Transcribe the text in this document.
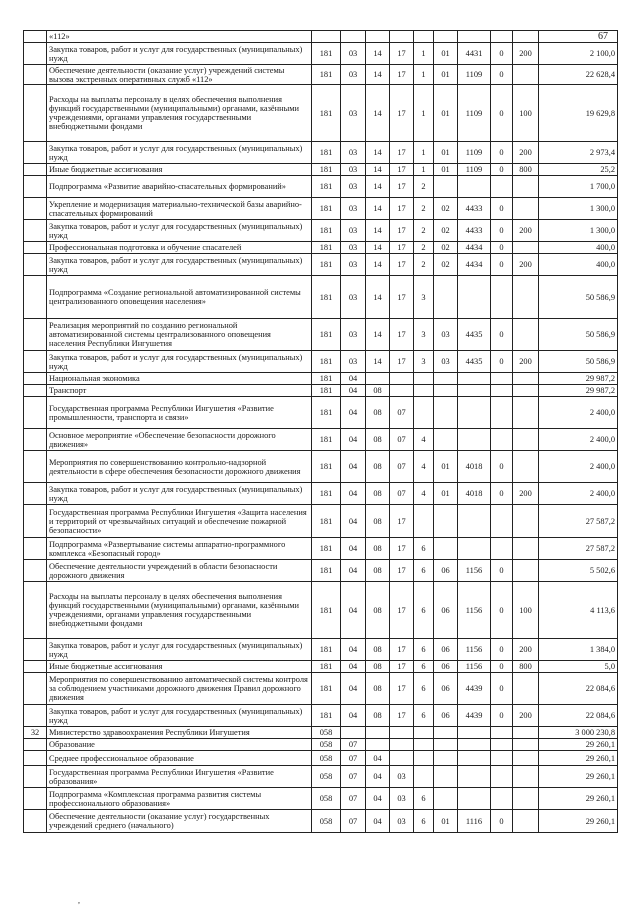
67
	«112»										
	Закупка товаров, работ и услуг для государственных (муниципальных) нужд	181	03	14	17	1	01	4431	0	200	2 100,0
	Обеспечение деятельности (оказание услуг) учреждений системы вызова экстренных оперативных служб «112»	181	03	14	17	1	01	1109	0		22 628,4
	Расходы на выплаты персоналу в целях обеспечения выполнения функций государственными (муниципальными) органами, казёнными учреждениями, органами управления государственными внебюджетными фондами	181	03	14	17	1	01	1109	0	100	19 629,8
	Закупка товаров, работ и услуг для государственных (муниципальных) нужд	181	03	14	17	1	01	1109	0	200	2 973,4
	Иные бюджетные ассигнования	181	03	14	17	1	01	1109	0	800	25,2
	Подпрограмма «Развитие аварийно-спасательных формирований»	181	03	14	17	2					1 700,0
	Укрепление и модернизация материально-технической базы аварийно-спасательных формирований	181	03	14	17	2	02	4433	0		1 300,0
	Закупка товаров, работ и услуг для государственных (муниципальных) нужд	181	03	14	17	2	02	4433	0	200	1 300,0
	Профессиональная подготовка и обучение спасателей	181	03	14	17	2	02	4434	0		400,0
	Закупка товаров, работ и услуг для государственных (муниципальных) нужд	181	03	14	17	2	02	4434	0	200	400,0
	Подпрограмма «Создание региональной автоматизированной системы централизованного оповещения населения»	181	03	14	17	3					50 586,9
	Реализация мероприятий по созданию региональной автоматизированной системы централизованного оповещения населения Республики Ингушетия	181	03	14	17	3	03	4435	0		50 586,9
	Закупка товаров, работ и услуг для государственных (муниципальных) нужд	181	03	14	17	3	03	4435	0	200	50 586,9
	Национальная экономика	181	04								29 987,2
	Транспорт	181	04	08							29 987,2
	Государственная программа Республики Ингушетия «Развитие промышленности, транспорта и связи»	181	04	08	07						2 400,0
	Основное мероприятие «Обеспечение безопасности дорожного движения»	181	04	08	07	4					2 400,0
	Мероприятия по совершенствованию контрольно-надзорной деятельности в сфере обеспечения безопасности дорожного движения	181	04	08	07	4	01	4018	0		2 400,0
	Закупка товаров, работ и услуг для государственных (муниципальных) нужд	181	04	08	07	4	01	4018	0	200	2 400,0
	Государственная программа Республики Ингушетия «Защита населения и территорий от чрезвычайных ситуаций и обеспечение пожарной безопасности»	181	04	08	17						27 587,2
	Подпрограмма «Развертывание системы аппаратно-программного комплекса «Безопасный город»	181	04	08	17	6					27 587,2
	Обеспечение деятельности учреждений в области безопасности дорожного движения	181	04	08	17	6	06	1156	0		5 502,6
	Расходы на выплаты персоналу в целях обеспечения выполнения функций государственными (муниципальными) органами, казёнными учреждениями, органами управления государственными внебюджетными фондами	181	04	08	17	6	06	1156	0	100	4 113,6
	Закупка товаров, работ и услуг для государственных (муниципальных) нужд	181	04	08	17	6	06	1156	0	200	1 384,0
	Иные бюджетные ассигнования	181	04	08	17	6	06	1156	0	800	5,0
	Мероприятия по совершенствованию автоматической системы контроля за соблюдением участниками дорожного движения Правил дорожного движения	181	04	08	17	6	06	4439	0		22 084,6
	Закупка товаров, работ и услуг для государственных (муниципальных) нужд	181	04	08	17	6	06	4439	0	200	22 084,6
32	Министерство здравоохранения Республики Ингушетия	058									3 000 230,8
	Образование	058	07								29 260,1
	Среднее профессиональное образование	058	07	04							29 260,1
	Государственная программа Республики Ингушетия «Развитие образования»	058	07	04	03						29 260,1
	Подпрограмма «Комплексная программа развития системы профессионального образования»	058	07	04	03	6					29 260,1
	Обеспечение деятельности (оказание услуг) государственных учреждений среднего (начального)	058	07	04	03	6	01	1116	0		29 260,1
,
